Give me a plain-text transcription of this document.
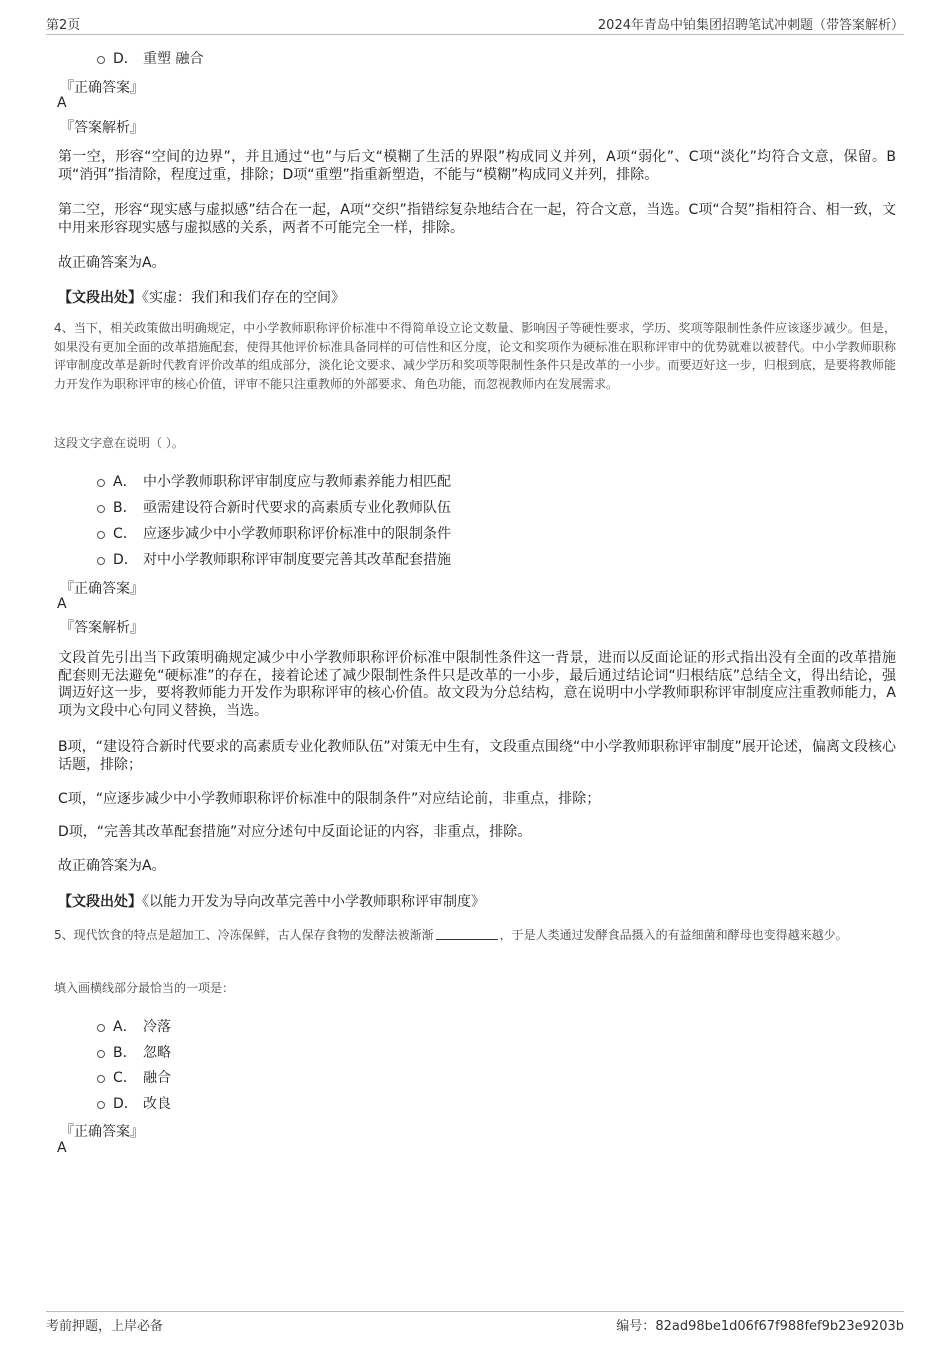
第2页	2024年青岛中铂集团招聘笔试冲刺题（带答案解析）
D． 重塑 融合
『正确答案』
A
『答案解析』
第一空，形容“空间的边界”，并且通过“也”与后文“模糊了生活的界限”构成同义并列，A项“弱化”、C项“淡化”均符合文意，保留。B项“消弭”指清除，程度过重，排除；D项“重塑”指重新塑造，不能与“模糊”构成同义并列，排除。
第二空，形容“现实感与虚拟感”结合在一起，A项“交织”指错综复杂地结合在一起，符合文意，当选。C项“合契”指相符合、相一致，文中用来形容现实感与虚拟感的关系，两者不可能完全一样，排除。
故正确答案为A。
【文段出处】《实虚：我们和我们存在的空间》
4、当下，相关政策做出明确规定，中小学教师职称评价标准中不得简单设立论文数量、影响因子等硬性要求，学历、奖项等限制性条件应该逐步减少。但是，如果没有更加全面的改革措施配套，使得其他评价标准具备同样的可信性和区分度，论文和奖项作为硬标准在职称评审中的优势就难以被替代。中小学教师职称评审制度改革是新时代教育评价改革的组成部分，淡化论文要求、减少学历和奖项等限制性条件只是改革的一小步。而要迈好这一步，归根到底，是要将教师能力开发作为职称评审的核心价值，评审不能只注重教师的外部要求、角色功能，而忽视教师内在发展需求。
这段文字意在说明（ ）。
A． 中小学教师职称评审制度应与教师素养能力相匹配
B． 亟需建设符合新时代要求的高素质专业化教师队伍
C． 应逐步减少中小学教师职称评价标准中的限制条件
D． 对中小学教师职称评审制度要完善其改革配套措施
『正确答案』
A
『答案解析』
文段首先引出当下政策明确规定减少中小学教师职称评价标准中限制性条件这一背景，进而以反面论证的形式指出没有全面的改革措施配套则无法避免“硬标准”的存在，接着论述了减少限制性条件只是改革的一小步，最后通过结论词“归根结底”总结全文，得出结论，强调迈好这一步，要将教师能力开发作为职称评审的核心价值。故文段为分总结构，意在说明中小学教师职称评审制度应注重教师能力，A项为文段中心句同义替换，当选。
B项，“建设符合新时代要求的高素质专业化教师队伍”对策无中生有，文段重点围绕“中小学教师职称评审制度”展开论述，偏离文段核心话题，排除；
C项，“应逐步减少中小学教师职称评价标准中的限制条件”对应结论前，非重点，排除；
D项，“完善其改革配套措施”对应分述句中反面论证的内容，非重点，排除。
故正确答案为A。
【文段出处】《以能力开发为导向改革完善中小学教师职称评审制度》
5、现代饮食的特点是超加工、冷冻保鲜，古人保存食物的发酵法被渐渐	，于是人类通过发酵食品摄入的有益细菌和酵母也变得越来越少。
填入画横线部分最恰当的一项是：
A． 冷落
B． 忽略
C． 融合
D． 改良
『正确答案』
A
考前押题，上岸必备	编号：82ad98be1d06f67f988fef9b23e9203b
